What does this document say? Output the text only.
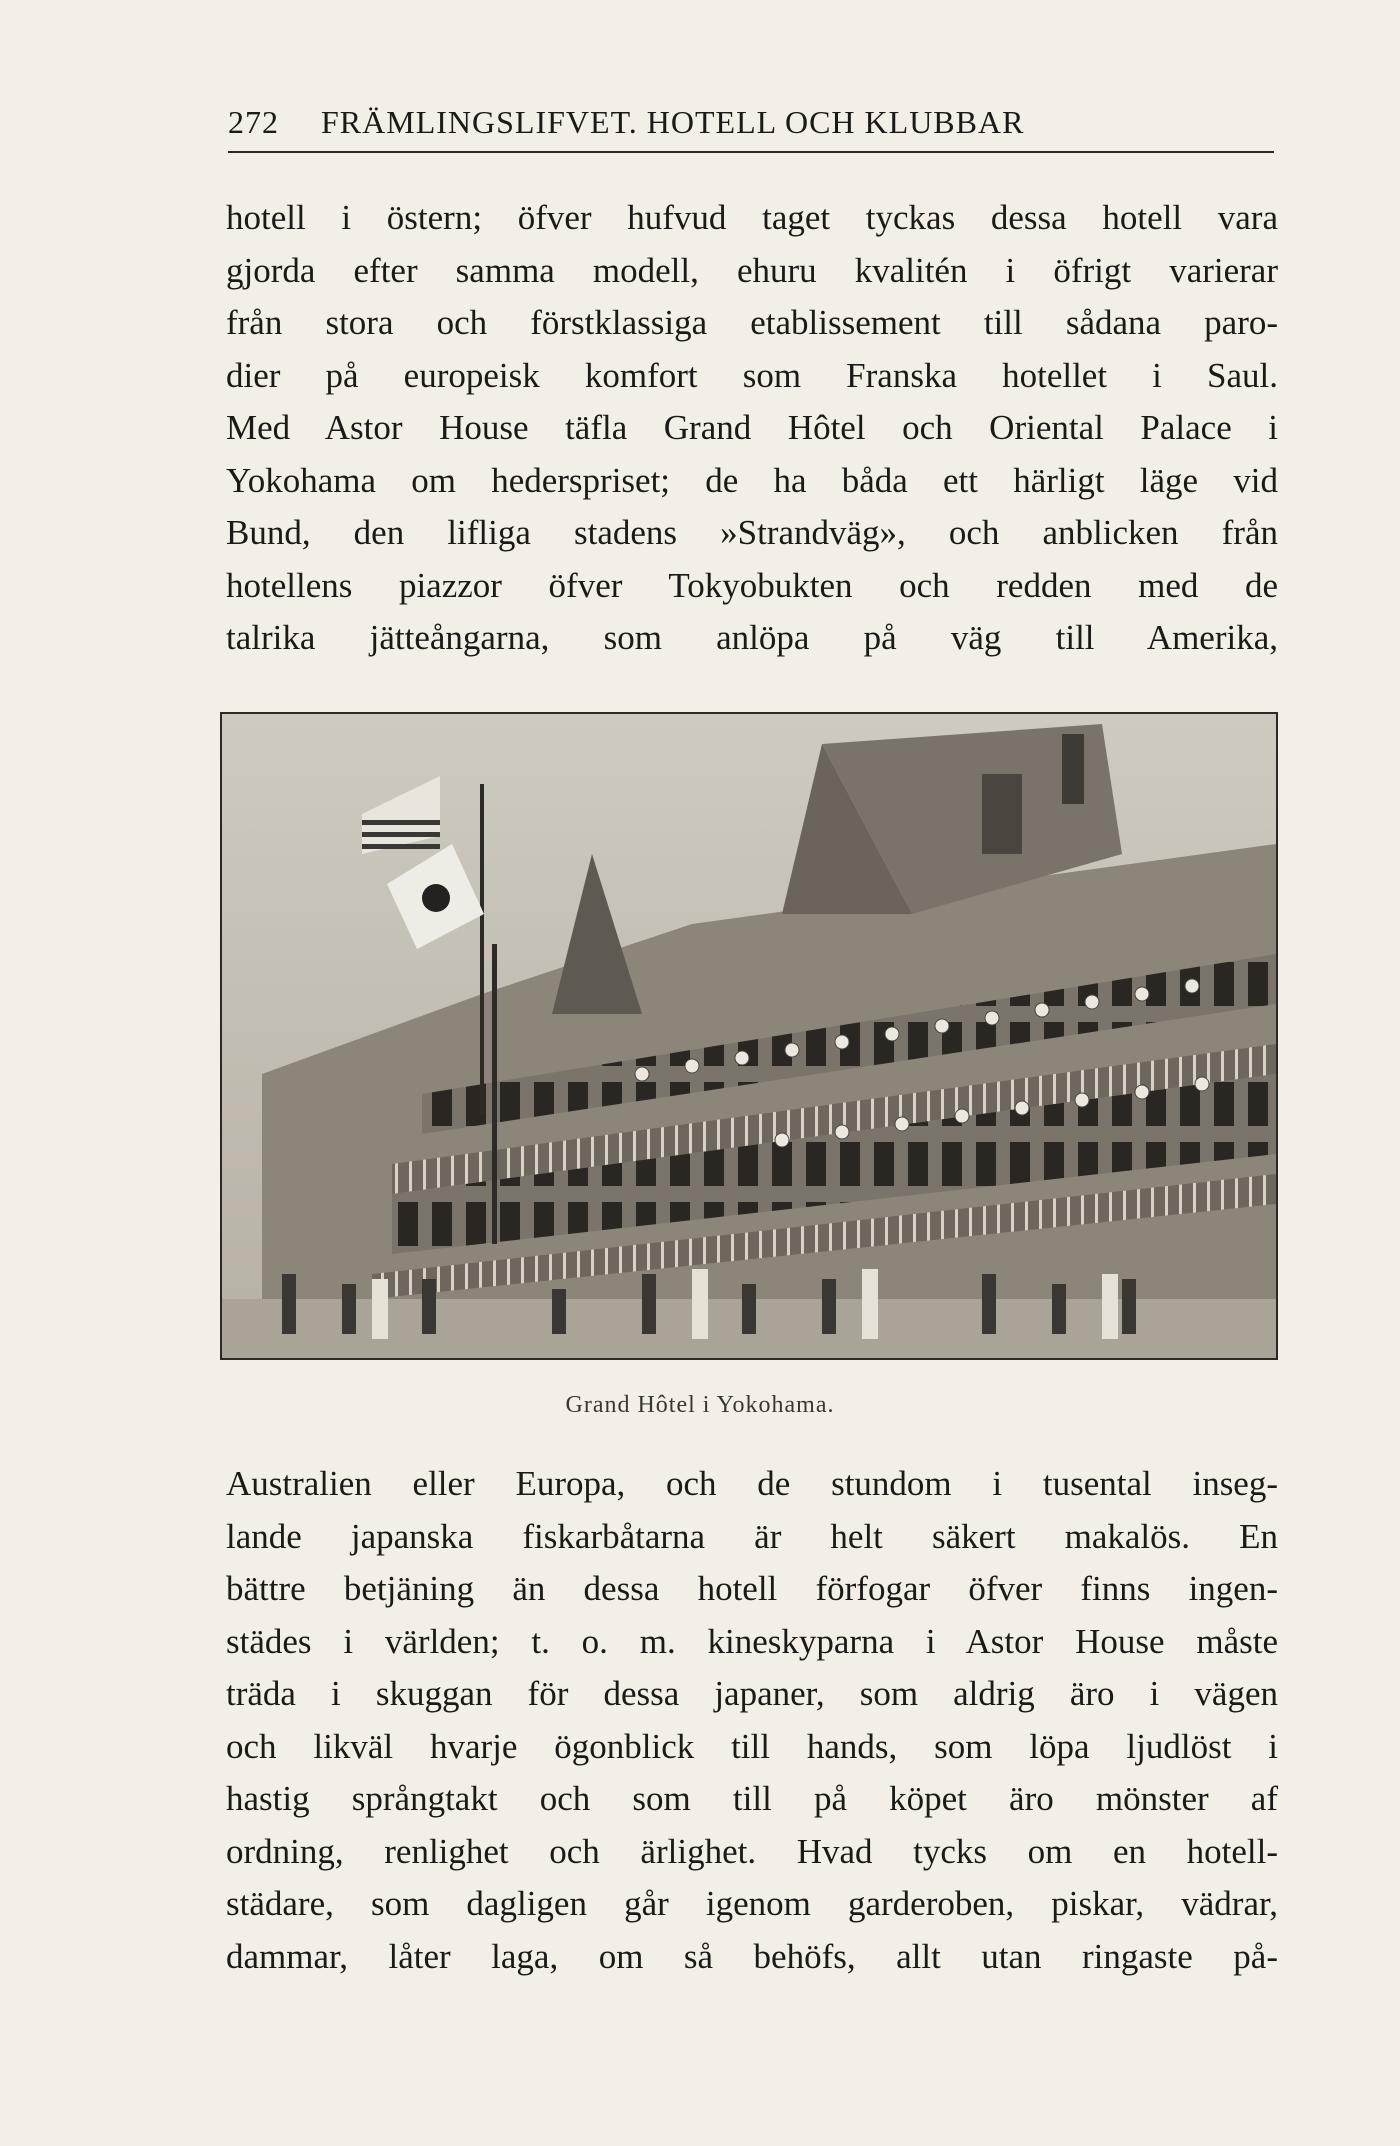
272 FRÄMLINGSLIFVET. HOTELL OCH KLUBBAR
hotell i östern; öfver hufvud taget tyckas dessa hotell vara
gjorda efter samma modell, ehuru kvalitén i öfrigt varierar
från stora och förstklassiga etablissement till sådana paro-
dier på europeisk komfort som Franska hotellet i Saul.
Med Astor House täfla Grand Hôtel och Oriental Palace i
Yokohama om hederspriset; de ha båda ett härligt läge vid
Bund, den lifliga stadens »Strandväg», och anblicken från
hotellens piazzor öfver Tokyobukten och redden med de
talrika jätteångarna, som anlöpa på väg till Amerika,
Grand Hôtel i Yokohama.
Australien eller Europa, och de stundom i tusental inseg-
lande japanska fiskarbåtarna är helt säkert makalös. En
bättre betjäning än dessa hotell förfogar öfver finns ingen-
städes i världen; t. o. m. kineskyparna i Astor House måste
träda i skuggan för dessa japaner, som aldrig äro i vägen
och likväl hvarje ögonblick till hands, som löpa ljudlöst i
hastig språngtakt och som till på köpet äro mönster af
ordning, renlighet och ärlighet. Hvad tycks om en hotell-
städare, som dagligen går igenom garderoben, piskar, vädrar,
dammar, låter laga, om så behöfs, allt utan ringaste på-
